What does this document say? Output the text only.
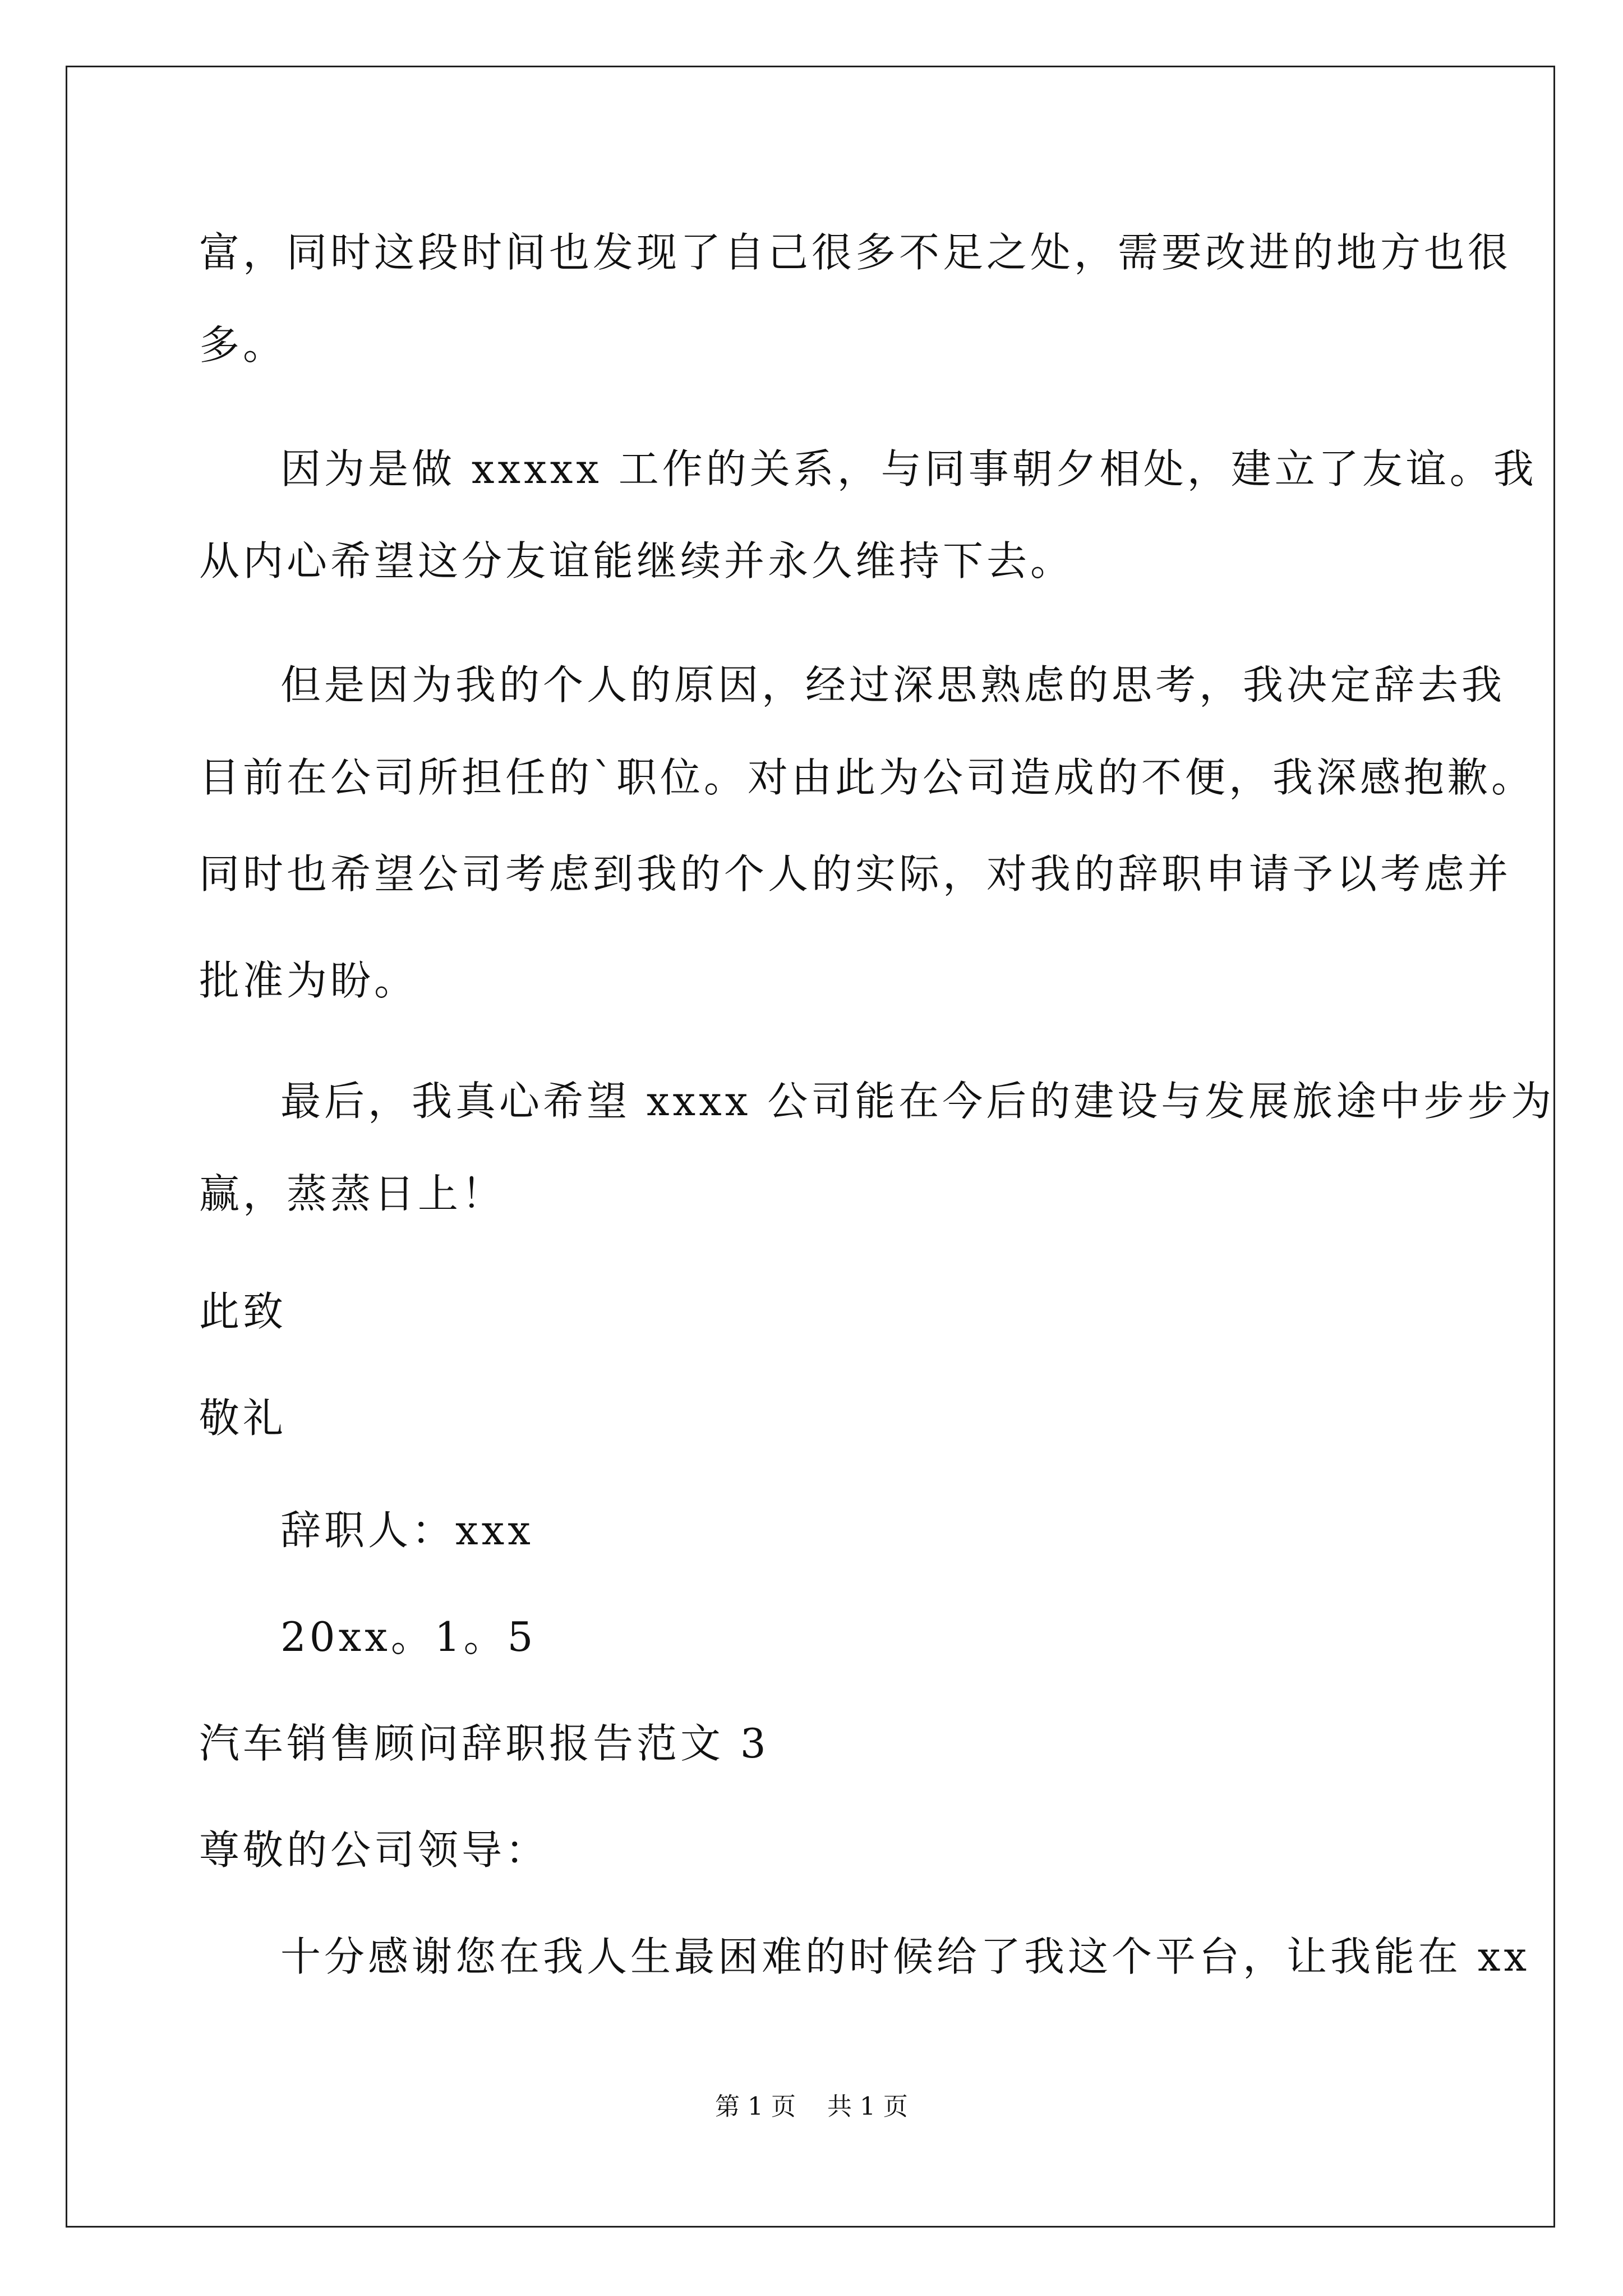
富，同时这段时间也发现了自己很多不足之处，需要改进的地方也很
多。
因为是做 xxxxx 工作的关系，与同事朝夕相处，建立了友谊。我
从内心希望这分友谊能继续并永久维持下去。
但是因为我的个人的原因，经过深思熟虑的思考，我决定辞去我
目前在公司所担任的`职位。对由此为公司造成的不便，我深感抱歉。
同时也希望公司考虑到我的个人的实际，对我的辞职申请予以考虑并
批准为盼。
最后，我真心希望 xxxx 公司能在今后的建设与发展旅途中步步为
赢，蒸蒸日上！
此致
敬礼
辞职人：xxx
20xx。1。5
汽车销售顾问辞职报告范文 3
尊敬的公司领导：
十分感谢您在我人生最困难的时候给了我这个平台，让我能在 xx
第 1 页    共 1 页
